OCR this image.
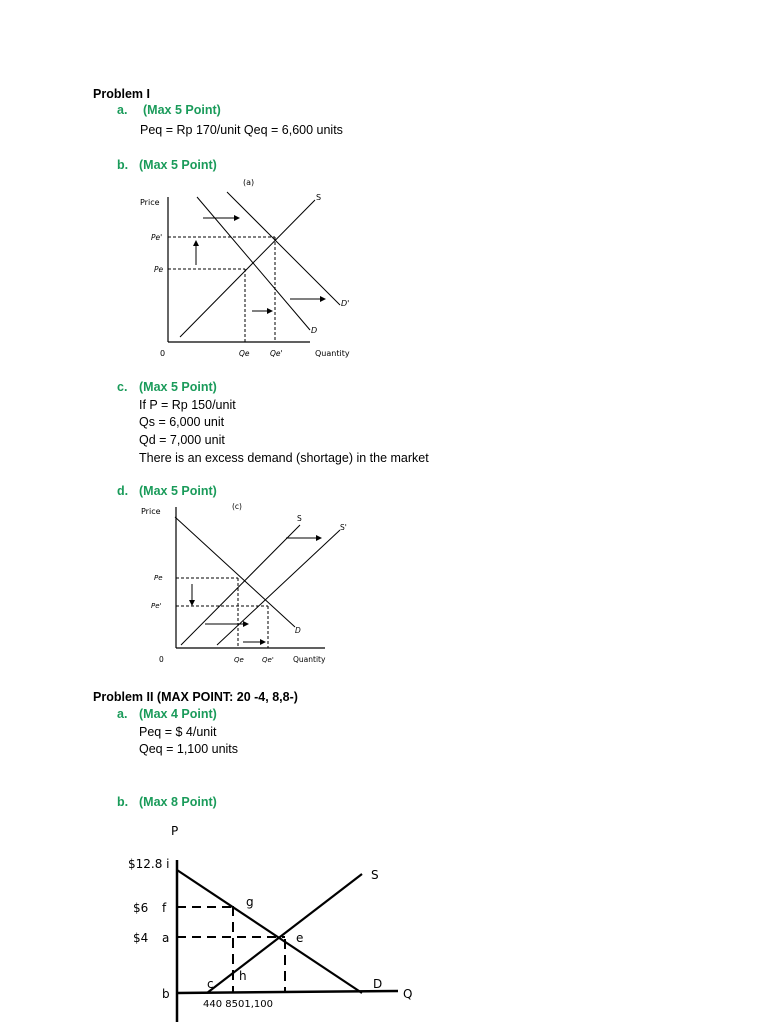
Problem I
a. (Max 5 Point)
Peq = Rp 170/unit Qeq = 6,600 units
b. (Max 5 Point)
(a)
Price
0
S
D
D'
Pe'
Pe
Qe	Qe'	Quantity
c. (Max 5 Point)
If P = Rp 150/unit
Qs = 6,000 unit
Qd = 7,000 unit
There is an excess demand (shortage) in the market
d. (Max 5 Point)
(c)
Price
0
S
S'
D
Pe
Pe'
Qe	Qe'	Quantity
Problem II (MAX POINT: 20 -4, 8,8-)
a. (Max 4 Point)
Peq = $ 4/unit
Qeq = 1,100 units
b. (Max 8 Point)
P
Q
S
D
$12.8 i
$6 f
$4 a
b
g
e
h
c
440 8501,100
